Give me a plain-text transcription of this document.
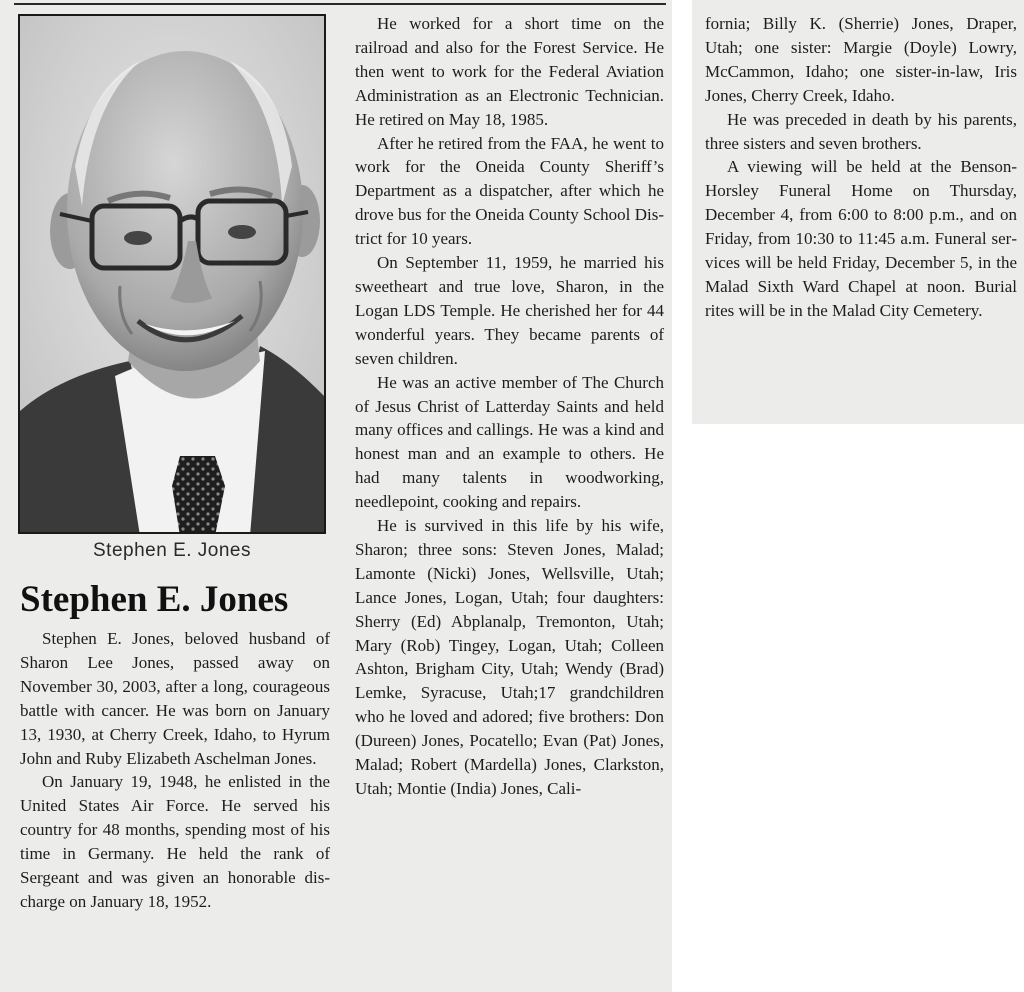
Stephen E. Jones
Stephen E. Jones

Stephen E. Jones, beloved husband of Sharon Lee Jones, passed away on November 30, 2003, after a long, courageous battle with cancer. He was born on January 13, 1930, at Cherry Creek, Idaho, to Hyrum John and Ruby Elizabeth Aschelman Jones.

On January 19, 1948, he enlisted in the United States Air Force. He served his country for 48 months, spending most of his time in Germany. He held the rank of Sergeant and was given an honorable discharge on January 18, 1952.

He worked for a short time on the railroad and also for the Forest Service. He then went to work for the Federal Aviation Administration as an Electronic Technician. He retired on May 18, 1985.

After he retired from the FAA, he went to work for the Oneida County Sheriff’s Department as a dispatcher, after which he drove bus for the Oneida County School District for 10 years.

On September 11, 1959, he married his sweetheart and true love, Sharon, in the Logan LDS Temple. He cherished her for 44 wonderful years. They became parents of seven children.

He was an active member of The Church of Jesus Christ of Latterday Saints and held many offices and callings. He was a kind and honest man and an example to others. He had many talents in woodworking, needlepoint, cooking and repairs.

He is survived in this life by his wife, Sharon; three sons: Steven Jones, Malad; Lamonte (Nicki) Jones, Wellsville, Utah; Lance Jones, Logan, Utah; four daughters: Sherry (Ed) Abplanalp, Tremonton, Utah; Mary (Rob) Tingey, Logan, Utah; Colleen Ashton, Brigham City, Utah; Wendy (Brad) Lemke, Syracuse, Utah;17 grandchildren who he loved and adored; five brothers: Don (Dureen) Jones, Pocatello; Evan (Pat) Jones, Malad; Robert (Mardella) Jones, Clarkston, Utah; Montie (India) Jones, Cali-

fornia; Billy K. (Sherrie) Jones, Draper, Utah; one sister: Margie (Doyle) Lowry, McCammon, Idaho; one sister-in-law, Iris Jones, Cherry Creek, Idaho.

He was preceded in death by his parents, three sisters and seven brothers.

A viewing will be held at the Benson-Horsley Funeral Home on Thursday, December 4, from 6:00 to 8:00 p.m., and on Friday, from 10:30 to 11:45 a.m. Funeral services will be held Friday, December 5, in the Malad Sixth Ward Chapel at noon. Burial rites will be in the Malad City Cemetery.
